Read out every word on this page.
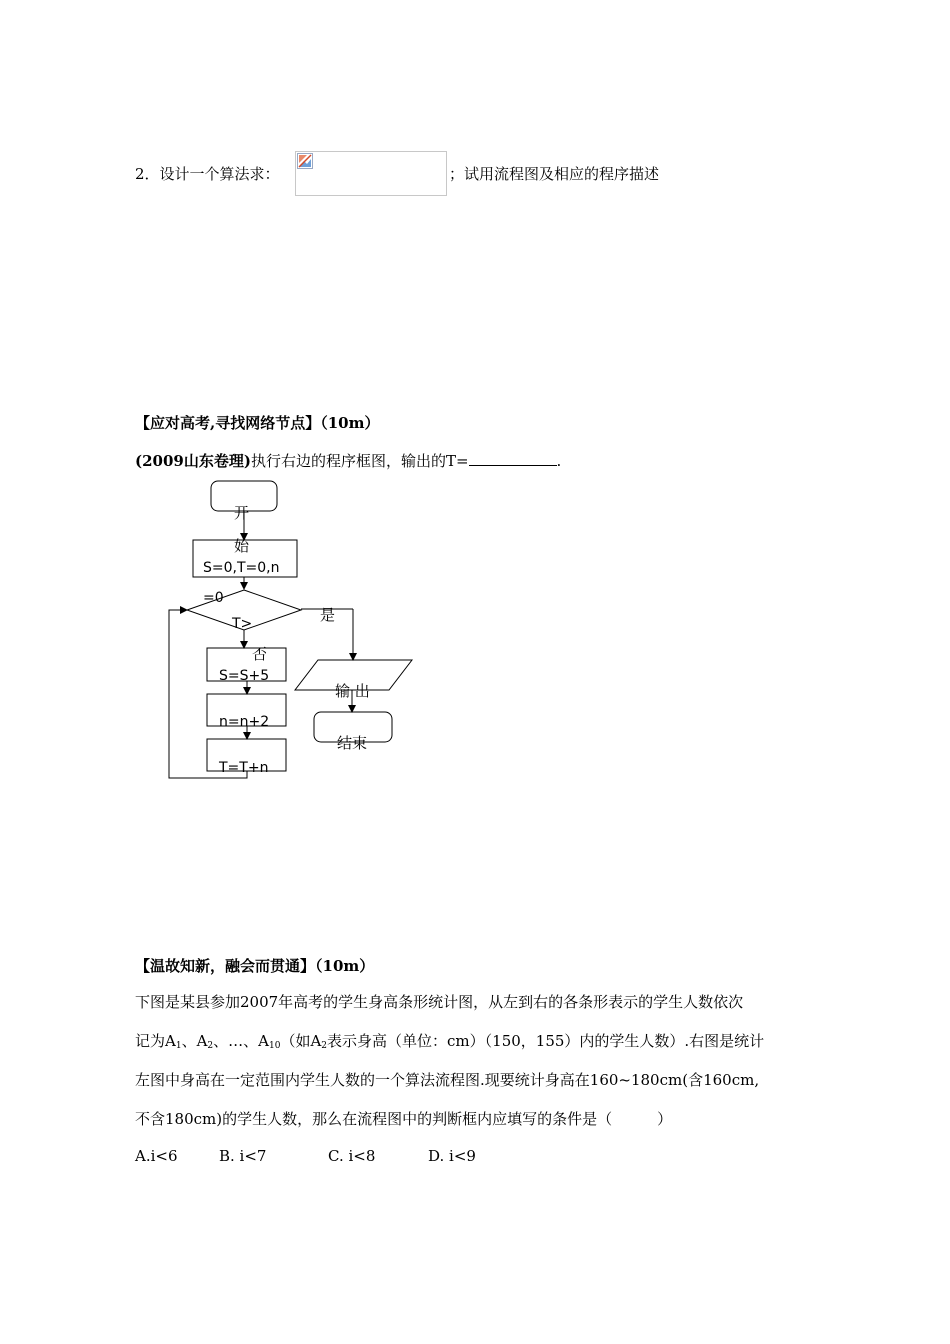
2．设计一个算法求：	；试用流程图及相应的程序描述
【应对高考,寻找网络节点】（10m）
(2009山东卷理)执行右边的程序框图，输出的T=	.
开
始
S=0,T=0,n
=0
T>	是
否
S=S+5
n=n+2
T=T+n
输 出
结束
【温故知新，融会而贯通】（10m）
下图是某县参加2007年高考的学生身高条形统计图，从左到右的各条形表示的学生人数依次
记为$A_1$、$A_2$、…、$A_{10}$（如$A_2$表示身高（单位：cm）（150，155）内的学生人数）.右图是统计
左图中身高在一定范围内学生人数的一个算法流程图.现要统计身高在160~180cm(含160cm,
不含180cm)的学生人数，那么在流程图中的判断框内应填写的条件是（　　　）
A.i<6	B. i<7	C. i<8	D. i<9
